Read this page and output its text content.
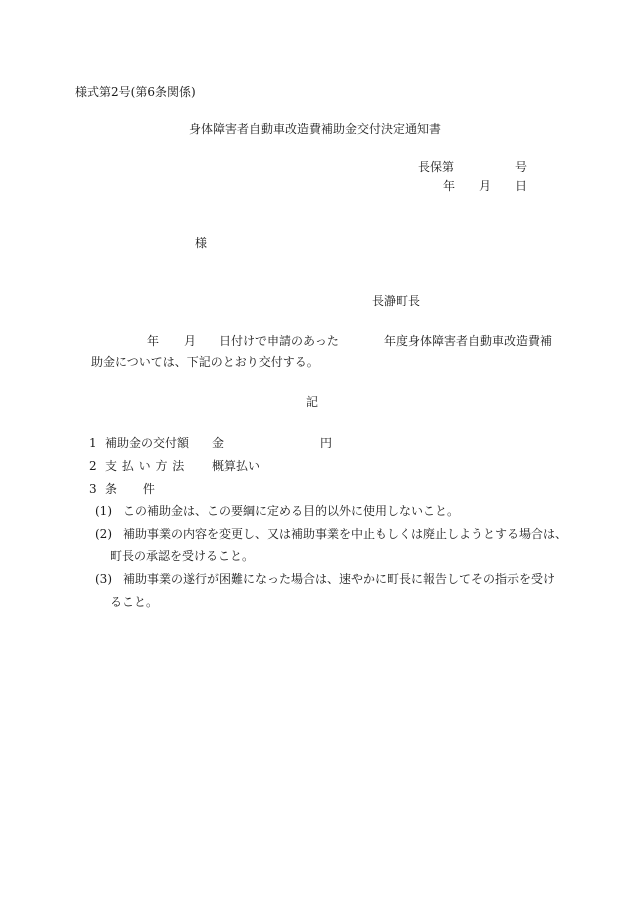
様式第2号(第6条関係)
身体障害者自動車改造費補助金交付決定通知書
長保第	号
年 月 日
様
長瀞町長
年 月 日付けで申請のあった	年度身体障害者自動車改造費補
助金については、下記のとおり交付する。
記
1 補助金の交付額 金	円
2 支 払 い 方 法 概算払い
3 条 件
(1) この補助金は、この要綱に定める目的以外に使用しないこと。
(2) 補助事業の内容を変更し、又は補助事業を中止もしくは廃止しようとする場合は、
町長の承認を受けること。
(3) 補助事業の遂行が困難になった場合は、速やかに町長に報告してその指示を受け
ること。
